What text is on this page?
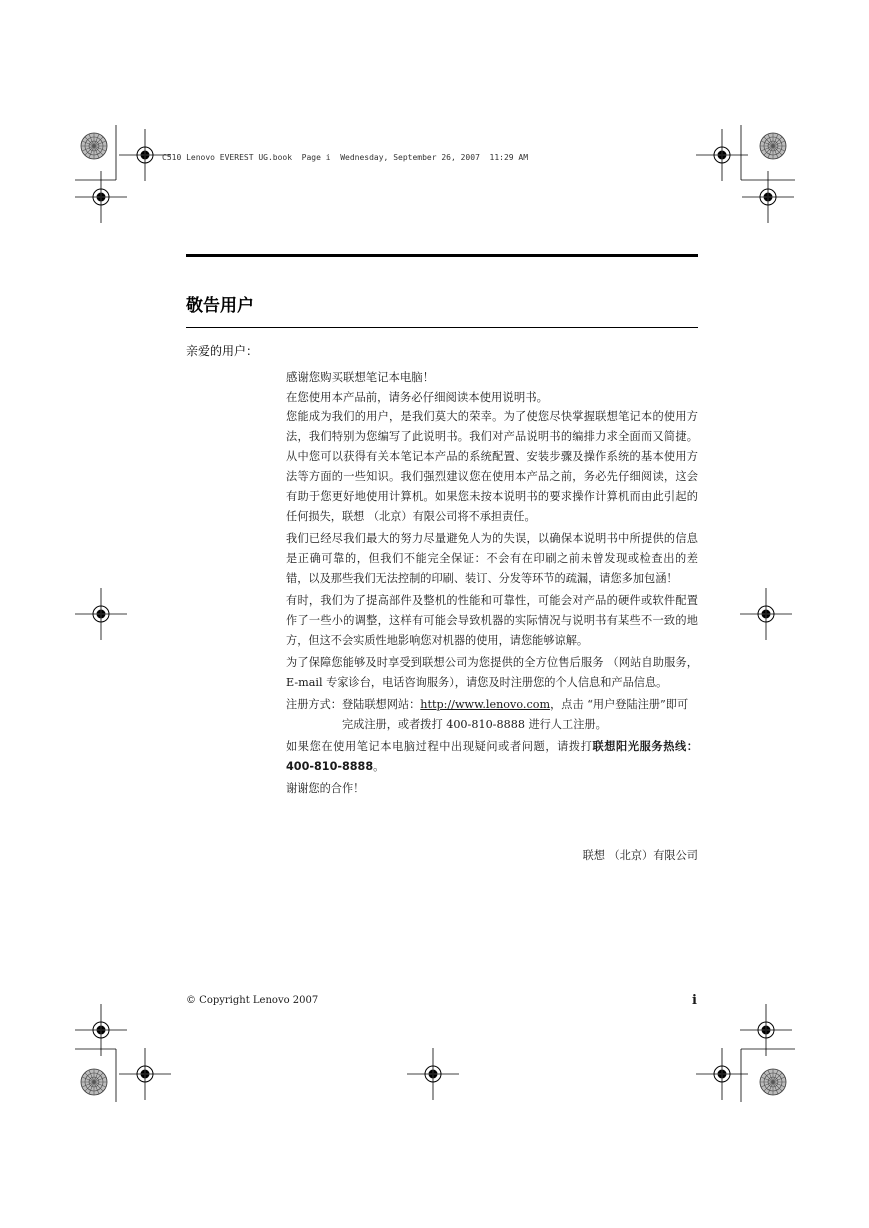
C510 Lenovo EVEREST UG.book  Page i  Wednesday, September 26, 2007  11:29 AM
敬告用户
亲爱的用户：

感谢您购买联想笔记本电脑！

在您使用本产品前，请务必仔细阅读本使用说明书。

您能成为我们的用户，是我们莫大的荣幸。为了使您尽快掌握联想笔记本的使用方法，我们特别为您编写了此说明书。我们对产品说明书的编排力求全面而又简捷。从中您可以获得有关本笔记本产品的系统配置、安装步骤及操作系统的基本使用方法等方面的一些知识。我们强烈建议您在使用本产品之前，务必先仔细阅读，这会有助于您更好地使用计算机。如果您未按本说明书的要求操作计算机而由此引起的任何损失，联想 （北京）有限公司将不承担责任。

我们已经尽我们最大的努力尽量避免人为的失误，以确保本说明书中所提供的信息是正确可靠的，但我们不能完全保证：不会有在印刷之前未曾发现或检查出的差错，以及那些我们无法控制的印刷、装订、分发等环节的疏漏，请您多加包涵！

有时，我们为了提高部件及整机的性能和可靠性，可能会对产品的硬件或软件配置作了一些小的调整，这样有可能会导致机器的实际情况与说明书有某些不一致的地方，但这不会实质性地影响您对机器的使用，请您能够谅解。

为了保障您能够及时享受到联想公司为您提供的全方位售后服务 （网站自助服务， E-mail 专家诊台，电话咨询服务），请您及时注册您的个人信息和产品信息。

注册方式： 登陆联想网站：http://www.lenovo.com，点击 “用户登陆注册”即可完成注册，或者拨打 400-810-8888 进行人工注册。

如果您在使用笔记本电脑过程中出现疑问或者问题，请拨打联想阳光服务热线：400-810-8888。

谢谢您的合作！

联想 （北京）有限公司
© Copyright Lenovo 2007	i
